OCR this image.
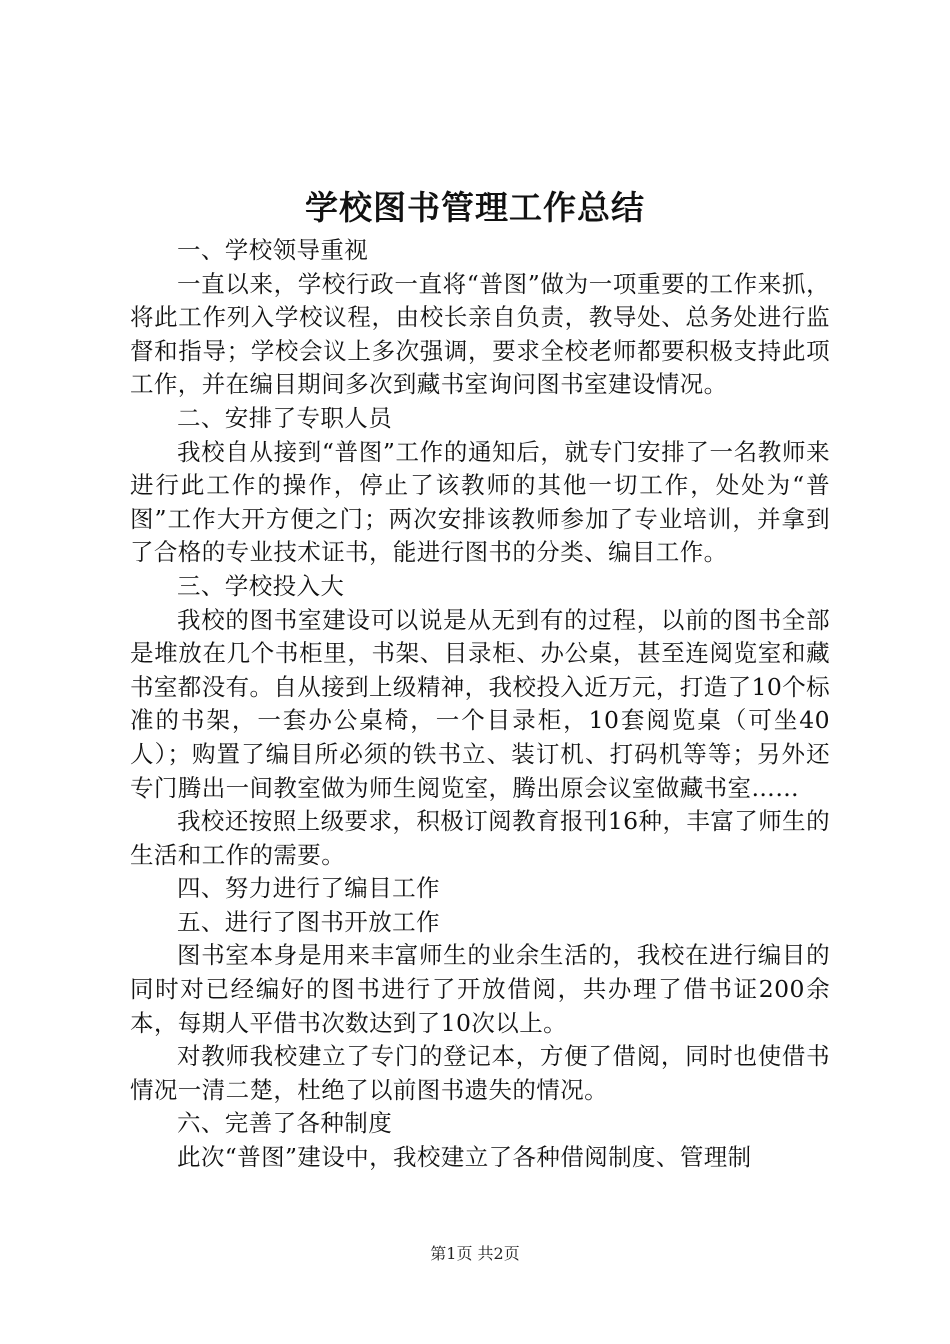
学校图书管理工作总结

一、学校领导重视

一直以来，学校行政一直将“普图”做为一项重要的工作来抓，将此工作列入学校议程，由校长亲自负责，教导处、总务处进行监督和指导；学校会议上多次强调，要求全校老师都要积极支持此项工作，并在编目期间多次到藏书室询问图书室建设情况。

二、安排了专职人员

我校自从接到“普图”工作的通知后，就专门安排了一名教师来进行此工作的操作，停止了该教师的其他一切工作，处处为“普图”工作大开方便之门；两次安排该教师参加了专业培训，并拿到了合格的专业技术证书，能进行图书的分类、编目工作。

三、学校投入大

我校的图书室建设可以说是从无到有的过程，以前的图书全部是堆放在几个书柜里，书架、目录柜、办公桌，甚至连阅览室和藏书室都没有。自从接到上级精神，我校投入近万元，打造了10个标准的书架，一套办公桌椅，一个目录柜，10套阅览桌（可坐40人）；购置了编目所必须的铁书立、装订机、打码机等等；另外还专门腾出一间教室做为师生阅览室，腾出原会议室做藏书室……

我校还按照上级要求，积极订阅教育报刊16种，丰富了师生的生活和工作的需要。

四、努力进行了编目工作

五、进行了图书开放工作

图书室本身是用来丰富师生的业余生活的，我校在进行编目的同时对已经编好的图书进行了开放借阅，共办理了借书证200余本，每期人平借书次数达到了10次以上。

对教师我校建立了专门的登记本，方便了借阅，同时也使借书情况一清二楚，杜绝了以前图书遗失的情况。

六、完善了各种制度

此次“普图”建设中，我校建立了各种借阅制度、管理制

第1页 共2页
